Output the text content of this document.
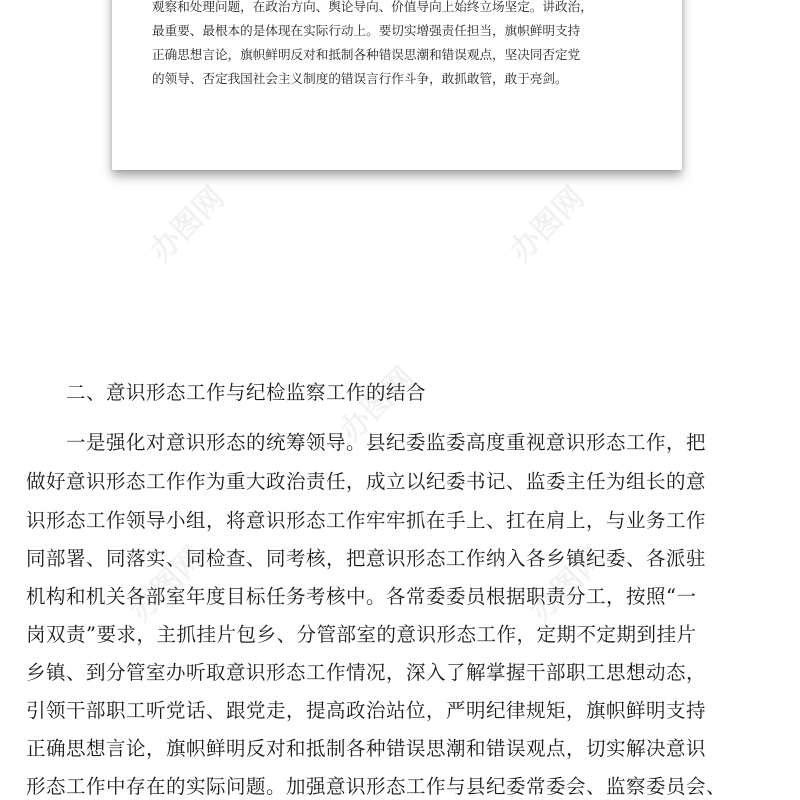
办图网	办图网
办图网
办图网	办图网
观察和处理问题，在政治方向、舆论导向、价值导向上始终立场坚定。讲政治，
最重要、最根本的是体现在实际行动上。要切实增强责任担当，旗帜鲜明支持
正确思想言论，旗帜鲜明反对和抵制各种错误思潮和错误观点，坚决同否定党
的领导、否定我国社会主义制度的错误言行作斗争，敢抓敢管，敢于亮剑。
二、意识形态工作与纪检监察工作的结合
一是强化对意识形态的统筹领导。县纪委监委高度重视意识形态工作，把
做好意识形态工作作为重大政治责任，成立以纪委书记、监委主任为组长的意
识形态工作领导小组，将意识形态工作牢牢抓在手上、扛在肩上，与业务工作
同部署、同落实、同检查、同考核，把意识形态工作纳入各乡镇纪委、各派驻
机构和机关各部室年度目标任务考核中。各常委委员根据职责分工，按照“一
岗双责”要求，主抓挂片包乡、分管部室的意识形态工作，定期不定期到挂片
乡镇、到分管室办听取意识形态工作情况，深入了解掌握干部职工思想动态，
引领干部职工听党话、跟党走，提高政治站位，严明纪律规矩，旗帜鲜明支持
正确思想言论，旗帜鲜明反对和抵制各种错误思潮和错误观点，切实解决意识
形态工作中存在的实际问题。加强意识形态工作与县纪委常委会、监察委员会、
